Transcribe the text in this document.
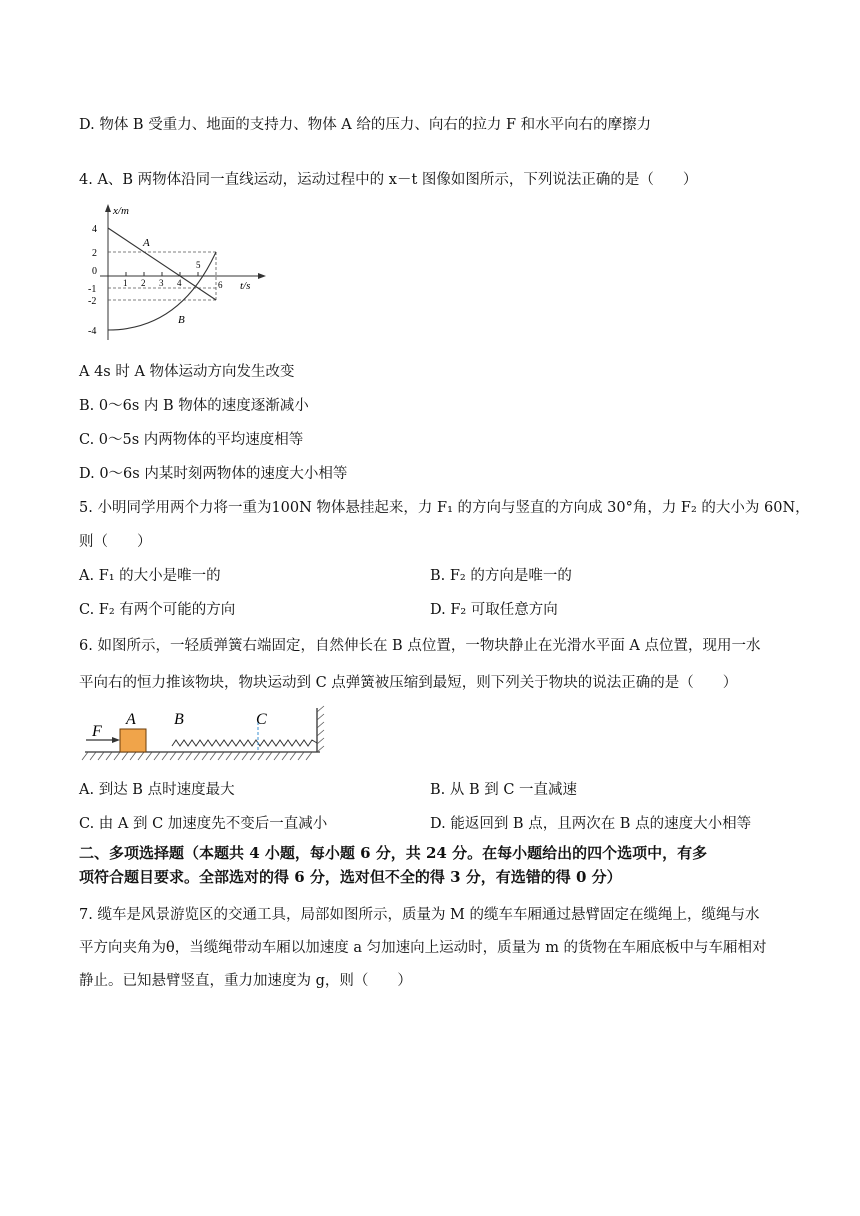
D. 物体 B 受重力、地面的支持力、物体 A 给的压力、向右的拉力 F 和水平向右的摩擦力
4. A、B 两物体沿同一直线运动，运动过程中的 x－t 图像如图所示，下列说法正确的是（　　）
x/m
t/s
4
2
0
-1
-2
-4
1 2 3 4
5
6
A
B
A 4s 时 A 物体运动方向发生改变
B. 0～6s 内 B 物体的速度逐渐减小
C. 0～5s 内两物体的平均速度相等
D. 0～6s 内某时刻两物体的速度大小相等
5. 小明同学用两个力将一重为100N 物体悬挂起来，力 F₁ 的方向与竖直的方向成 30°角，力 F₂ 的大小为 60N，
则（　　）
A. F₁ 的大小是唯一的	B. F₂ 的方向是唯一的
C. F₂ 有两个可能的方向	D. F₂ 可取任意方向
6. 如图所示，一轻质弹簧右端固定，自然伸长在 B 点位置，一物块静止在光滑水平面 A 点位置，现用一水
平向右的恒力推该物块，物块运动到 C 点弹簧被压缩到最短，则下列关于物块的说法正确的是（　　）
F
A B	C
A. 到达 B 点时速度最大	B. 从 B 到 C 一直减速
C. 由 A 到 C 加速度先不变后一直减小	D. 能返回到 B 点，且两次在 B 点的速度大小相等
二、多项选择题（本题共 4 小题，每小题 6 分，共 24 分。在每小题给出的四个选项中，有多
项符合题目要求。全部选对的得 6 分，选对但不全的得 3 分，有选错的得 0 分）
7. 缆车是风景游览区的交通工具，局部如图所示，质量为 M 的缆车车厢通过悬臂固定在缆绳上，缆绳与水
平方向夹角为θ，当缆绳带动车厢以加速度 a 匀加速向上运动时，质量为 m 的货物在车厢底板中与车厢相对
静止。已知悬臂竖直，重力加速度为 g，则（　　）
